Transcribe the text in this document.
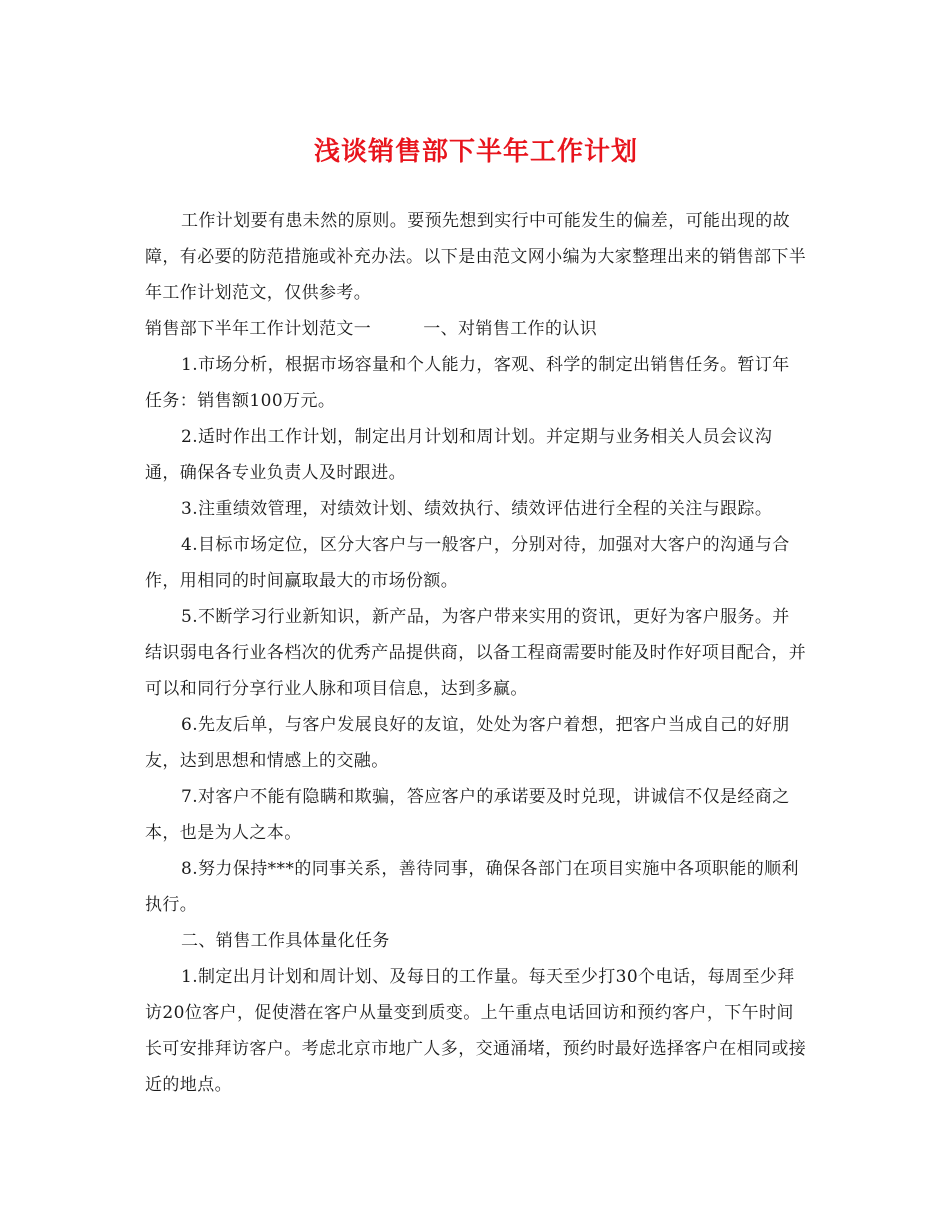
浅谈销售部下半年工作计划

工作计划要有患未然的原则。要预先想到实行中可能发生的偏差，可能出现的故障，有必要的防范措施或补充办法。以下是由范文网小编为大家整理出来的销售部下半年工作计划范文，仅供参考。

销售部下半年工作计划范文一	一、对销售工作的认识

1.市场分析，根据市场容量和个人能力，客观、科学的制定出销售任务。暂订年任务：销售额100万元。

2.适时作出工作计划，制定出月计划和周计划。并定期与业务相关人员会议沟通，确保各专业负责人及时跟进。

3.注重绩效管理，对绩效计划、绩效执行、绩效评估进行全程的关注与跟踪。

4.目标市场定位，区分大客户与一般客户，分别对待，加强对大客户的沟通与合作，用相同的时间赢取最大的市场份额。

5.不断学习行业新知识，新产品，为客户带来实用的资讯，更好为客户服务。并结识弱电各行业各档次的优秀产品提供商，以备工程商需要时能及时作好项目配合，并可以和同行分享行业人脉和项目信息，达到多赢。

6.先友后单，与客户发展良好的友谊，处处为客户着想，把客户当成自己的好朋友，达到思想和情感上的交融。

7.对客户不能有隐瞒和欺骗，答应客户的承诺要及时兑现，讲诚信不仅是经商之本，也是为人之本。

8.努力保持***的同事关系，善待同事，确保各部门在项目实施中各项职能的顺利执行。

二、销售工作具体量化任务

1.制定出月计划和周计划、及每日的工作量。每天至少打30个电话，每周至少拜访20位客户，促使潜在客户从量变到质变。上午重点电话回访和预约客户，下午时间长可安排拜访客户。考虑北京市地广人多，交通涌堵，预约时最好选择客户在相同或接近的地点。
